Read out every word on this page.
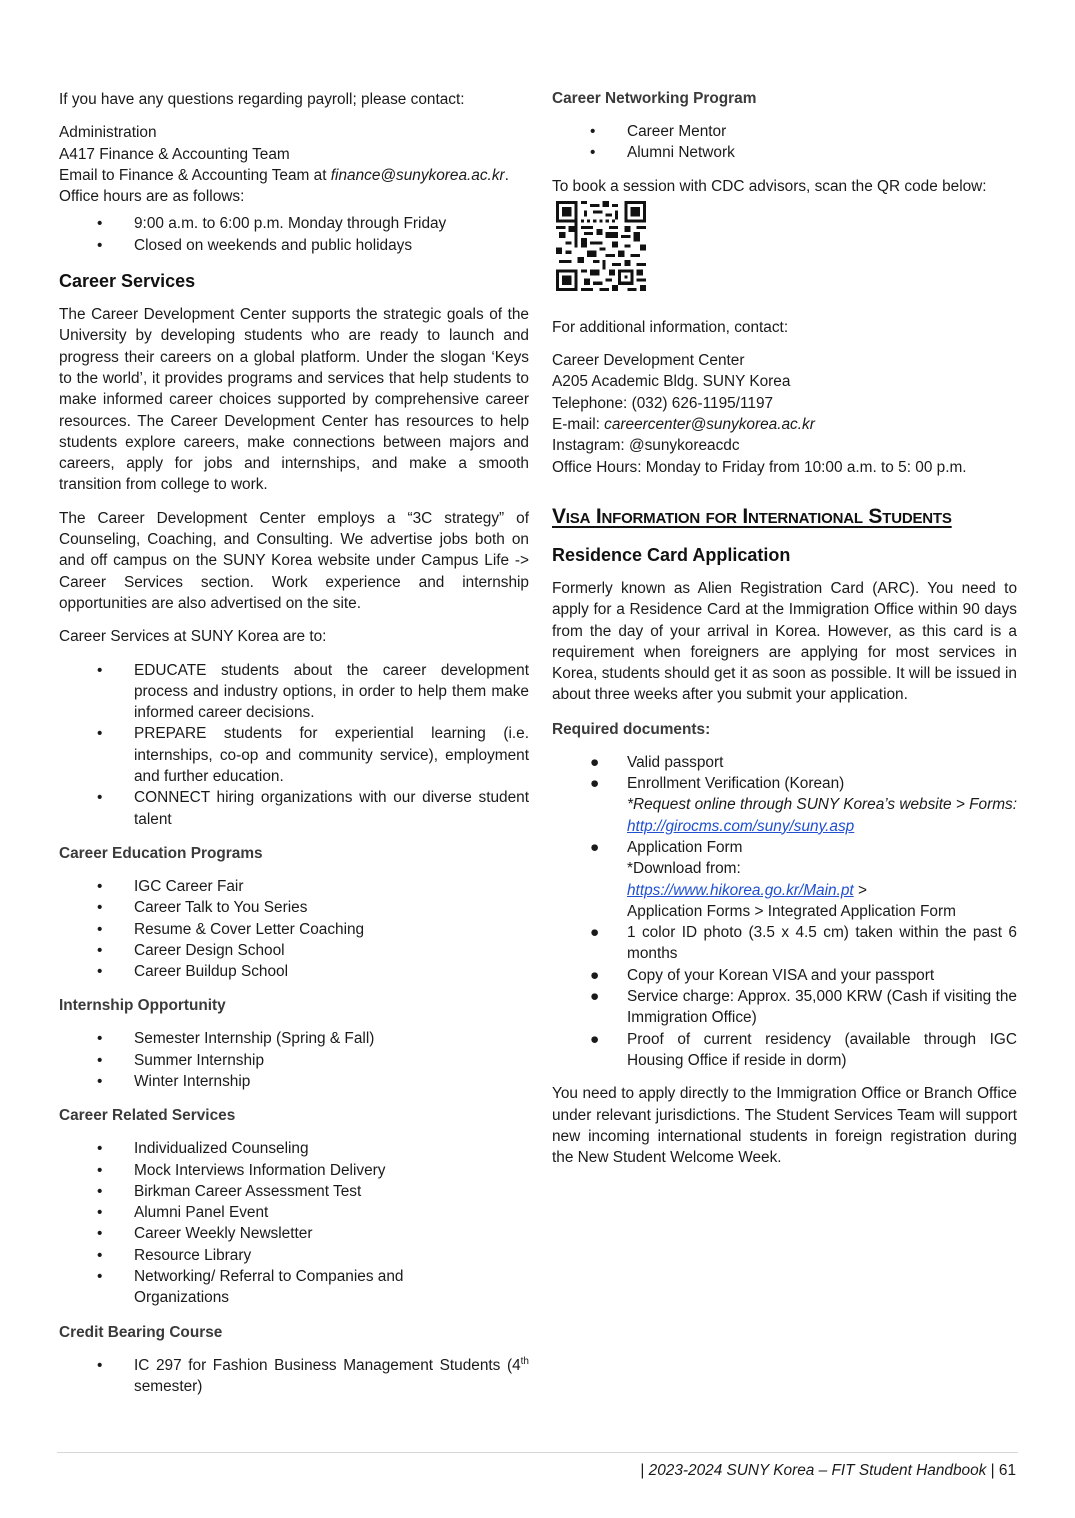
If you have any questions regarding payroll; please contact:

Administration
A417 Finance & Accounting Team
Email to Finance & Accounting Team at finance@sunykorea.ac.kr.
Office hours are as follows:
• 9:00 a.m. to 6:00 p.m. Monday through Friday
• Closed on weekends and public holidays
Career Services

The Career Development Center supports the strategic goals of the University by developing students who are ready to launch and progress their careers on a global platform. Under the slogan ‘Keys to the world’, it provides programs and services that help students to make informed career choices supported by comprehensive career resources. The Career Development Center has resources to help students explore careers, make connections between majors and careers, apply for jobs and internships, and make a smooth transition from college to work.

The Career Development Center employs a “3C strategy” of Counseling, Coaching, and Consulting. We advertise jobs both on and off campus on the SUNY Korea website under Campus Life -> Career Services section. Work experience and internship opportunities are also advertised on the site.

Career Services at SUNY Korea are to:

• EDUCATE students about the career development process and industry options, in order to help them make informed career decisions.
• PREPARE students for experiential learning (i.e. internships, co-op and community service), employment and further education.
• CONNECT hiring organizations with our diverse student talent
Career Education Programs
• IGC Career Fair
• Career Talk to You Series
• Resume & Cover Letter Coaching
• Career Design School
• Career Buildup School
Internship Opportunity
• Semester Internship (Spring & Fall)
• Summer Internship
• Winter Internship
Career Related Services
• Individualized Counseling
• Mock Interviews Information Delivery
• Birkman Career Assessment Test
• Alumni Panel Event
• Career Weekly Newsletter
• Resource Library
• Networking/ Referral to Companies and Organizations
Credit Bearing Course
• IC 297 for Fashion Business Management Students (4th semester)
Career Networking Program
• Career Mentor
• Alumni Network

To book a session with CDC advisors, scan the QR code below:

For additional information, contact:

Career Development Center
A205 Academic Bldg. SUNY Korea
Telephone: (032) 626-1195/1197
E-mail: careercenter@sunykorea.ac.kr
Instagram: @sunykoreacdc
Office Hours: Monday to Friday from 10:00 a.m. to 5: 00 p.m.
Visa Information for International Students
Residence Card Application

Formerly known as Alien Registration Card (ARC). You need to apply for a Residence Card at the Immigration Office within 90 days from the day of your arrival in Korea. However, as this card is a requirement when foreigners are applying for most services in Korea, students should get it as soon as possible. It will be issued in about three weeks after you submit your application.

Required documents:
● Valid passport
● Enrollment Verification (Korean)
*Request online through SUNY Korea’s website > Forms: http://girocms.com/suny/suny.asp
● Application Form
*Download from:
https://www.hikorea.go.kr/Main.pt >
Application Forms > Integrated Application Form
● 1 color ID photo (3.5 x 4.5 cm) taken within the past 6 months
● Copy of your Korean VISA and your passport
● Service charge: Approx. 35,000 KRW (Cash if visiting the Immigration Office)
● Proof of current residency (available through IGC Housing Office if reside in dorm)

You need to apply directly to the Immigration Office or Branch Office under relevant jurisdictions. The Student Services Team will support new incoming international students in foreign registration during the New Student Welcome Week.

| 2023-2024 SUNY Korea – FIT Student Handbook | 61
